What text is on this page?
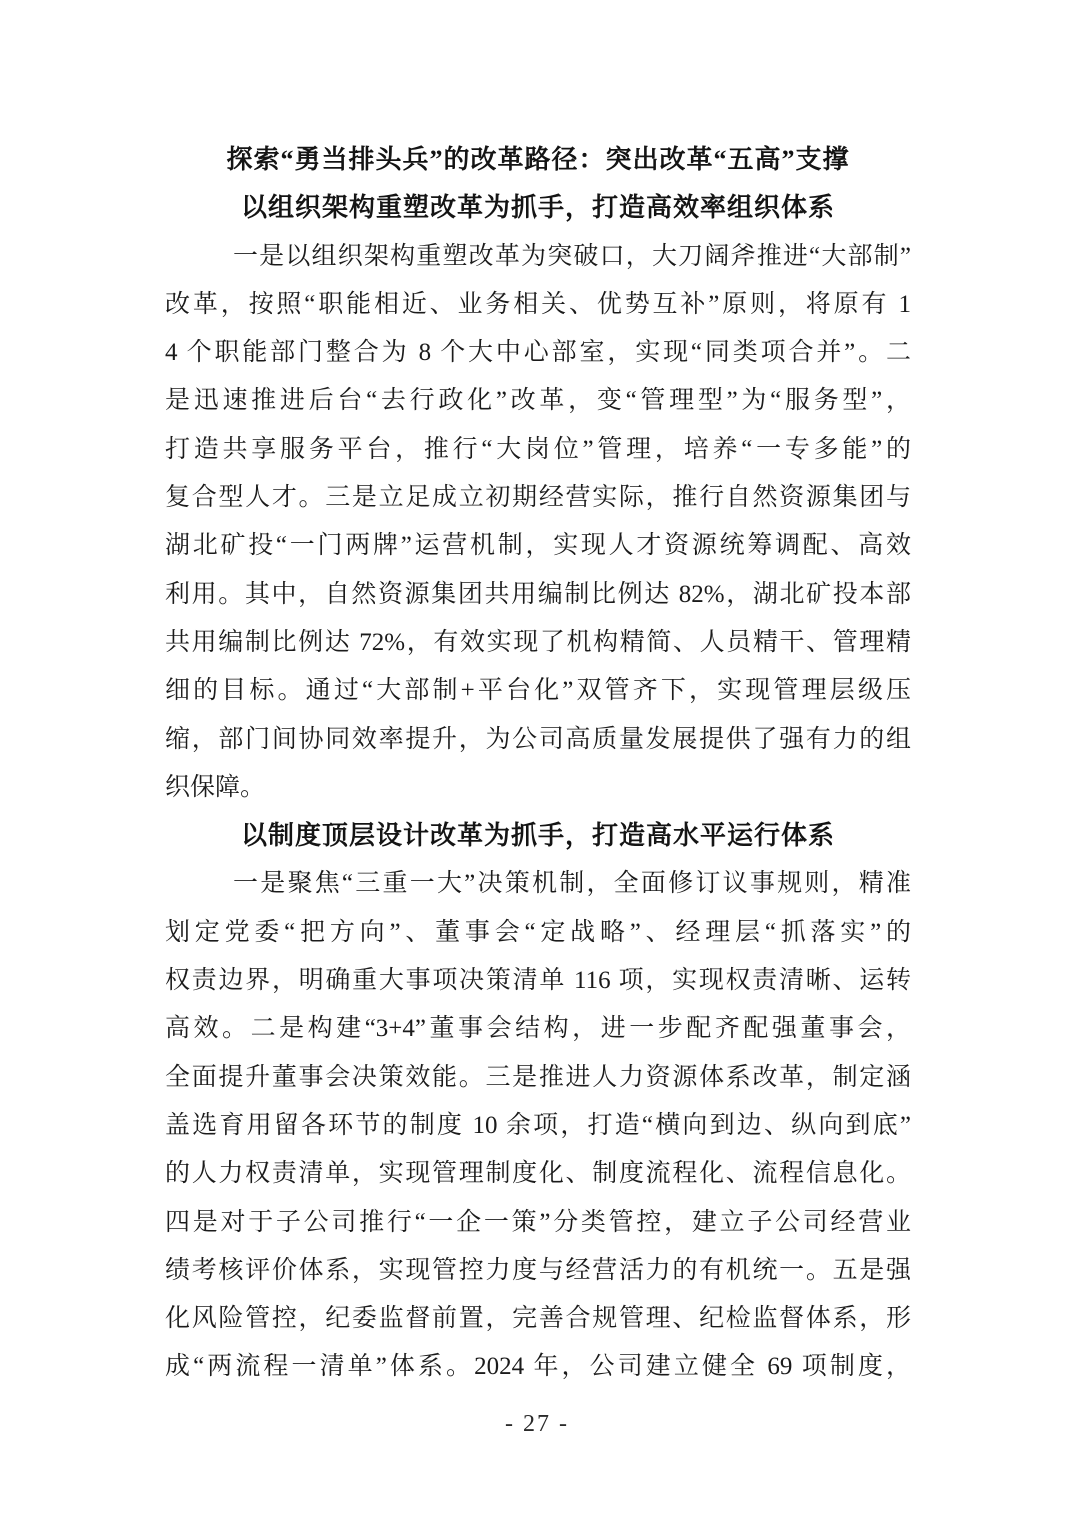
探索“勇当排头兵”的改革路径：突出改革“五高”支撑
以组织架构重塑改革为抓手，打造高效率组织体系
一是以组织架构重塑改革为突破口，大刀阔斧推进“大部制”
改革，按照“职能相近、业务相关、优势互补”原则，将原有 1
4 个职能部门整合为 8 个大中心部室，实现“同类项合并”。二
是迅速推进后台“去行政化”改革，变“管理型”为“服务型”，
打造共享服务平台，推行“大岗位”管理，培养“一专多能”的
复合型人才。三是立足成立初期经营实际，推行自然资源集团与
湖北矿投“一门两牌”运营机制，实现人才资源统筹调配、高效
利用。其中，自然资源集团共用编制比例达 82%，湖北矿投本部
共用编制比例达 72%，有效实现了机构精简、人员精干、管理精
细的目标。通过“大部制+平台化”双管齐下，实现管理层级压
缩，部门间协同效率提升，为公司高质量发展提供了强有力的组
织保障。
以制度顶层设计改革为抓手，打造高水平运行体系
一是聚焦“三重一大”决策机制，全面修订议事规则，精准
划定党委“把方向”、董事会“定战略”、经理层“抓落实”的
权责边界，明确重大事项决策清单 116 项，实现权责清晰、运转
高效。二是构建“3+4”董事会结构，进一步配齐配强董事会，
全面提升董事会决策效能。三是推进人力资源体系改革，制定涵
盖选育用留各环节的制度 10 余项，打造“横向到边、纵向到底”
的人力权责清单，实现管理制度化、制度流程化、流程信息化。
四是对于子公司推行“一企一策”分类管控，建立子公司经营业
绩考核评价体系，实现管控力度与经营活力的有机统一。五是强
化风险管控，纪委监督前置，完善合规管理、纪检监督体系，形
成“两流程一清单”体系。2024 年，公司建立健全 69 项制度，
- 27 -
